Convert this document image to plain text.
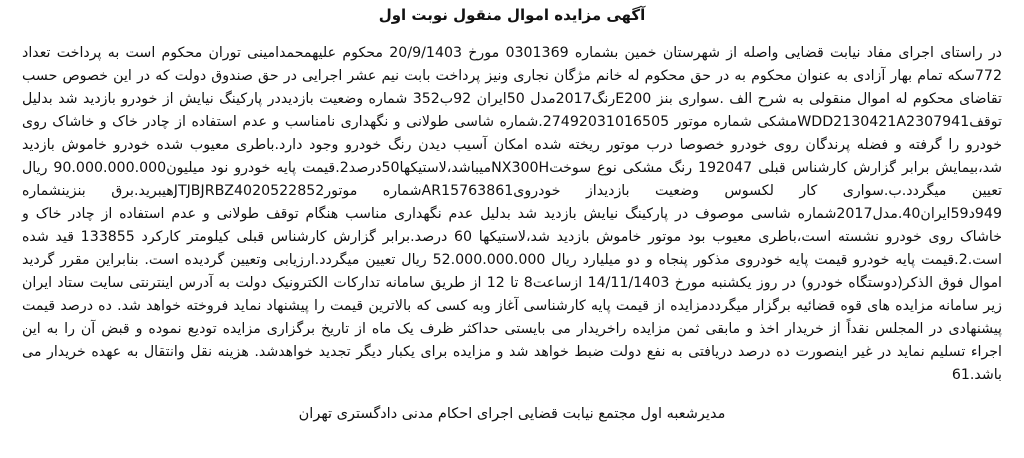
آگهی مزایده اموال منقول نوبت اول

در راستای اجرای مفاد نیابت قضایی واصله از شهرستان خمین بشماره 0301369 مورخ 20/9/1403 محکوم علیهمحمدامینی توران محکوم است به پرداخت تعداد 772سکه تمام بهار آزادی به عنوان محکوم به در حق محکوم له خانم مژگان نجاری ونیز پرداخت بابت نیم عشر اجرایی در حق صندوق دولت که در این خصوص حسب تقاضای محکوم له اموال منقولی به شرح الف .سواری بنز E200رنگ2017مدل 50ایران 92ب352 شماره وضعیت بازدیددر پارکینگ نیایش از خودرو بازدید شد بدلیل توقفWDD2130421A2307941مشکی شماره موتور 27492031016505.شماره شاسی طولانی و نگهداری نامناسب و عدم استفاده از چادر خاک و خاشاک روی خودرو را گرفته و فضله پرندگان روی خودرو خصوصا درب موتور ریخته شده امکان آسیب دیدن رنگ خودرو وجود دارد.باطری معیوب شده خودرو خاموش بازدید شد،بیمایش برابر گزارش کارشناس قبلی 192047 رنگ مشکی نوع سوختNX300Hمیباشد،لاستیکها50درصد2.قیمت پایه خودرو نود میلیون90.000.000.000 ریال تعیین میگردد.ب.سواری کار لکسوس وضعیت بازدیداز خودرویAR15763861شماره موتورJTJBJRBZ4020522852هیبرید.برق بنزینشماره 949د59ایران40.مدل2017شماره شاسی موصوف در پارکینگ نیایش بازدید شد بدلیل عدم نگهداری مناسب هنگام توقف طولانی و عدم استفاده از چادر خاک و خاشاک روی خودرو نشسته است،باطری معیوب بود موتور خاموش بازدید شد،لاستیکها 60 درصد.برابر گزارش کارشناس قبلی کیلومتر کارکرد 133855 قید شده است.2.قیمت پایه خودرو قیمت پایه خودروی مذکور پنجاه و دو میلیارد ریال 52.000.000.000 ریال تعیین میگردد.ارزیابی وتعیین گردیده است. بنابراین مقرر گردید اموال فوق الذکر(دوستگاه خودرو) در روز یکشنبه مورخ 14/11/1403 ازساعت8 تا 12 از طریق سامانه تدارکات الکترونیک دولت به آدرس اینترنتی سایت ستاد ایران زیر سامانه مزایده های قوه قضائیه برگزار میگرددمزایده از قیمت پایه کارشناسی آغاز وبه کسی که بالاترین قیمت را پیشنهاد نماید فروخته خواهد شد. ده درصد قیمت پیشنهادی در المجلس نقداً از خریدار اخذ و مابقی ثمن مزایده راخریدار می بایستی حداکثر ظرف یک ماه از تاریخ برگزاری مزایده تودیع نموده و قبض آن را به این اجراء تسلیم نماید در غیر اینصورت ده درصد دریافتی به نفع دولت ضبط خواهد شد و مزایده برای یکبار دیگر تجدید خواهدشد. هزینه نقل وانتقال به عهده خریدار می باشد.61

مدیرشعبه اول مجتمع نیابت قضایی اجرای احکام مدنی دادگستری تهران
